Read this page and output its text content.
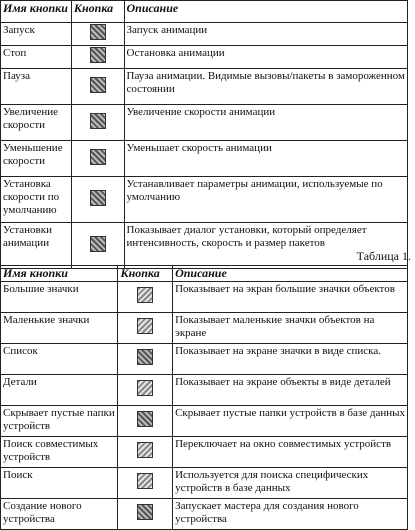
Имя кнопки	Кнопка	Описание
Запуск		Запуск анимации
Стоп		Остановка анимации
Пауза		Пауза анимации. Видимые вызовы/пакеты в замороженном состоянии
Увеличение скорости		Увеличение скорости анимации
Уменьшение скорости		Уменьшает скорость анимации
Установка скорости по умолчанию		Устанавливает параметры анимации, используемые по умолчанию
Установки анимации		Показывает диалог установки, который определяет интенсивность, скорость и размер пакетов
Таблица 1.
Имя кнопки	Кнопка	Описание
Большие значки		Показывает на экран большие значки объектов
Маленькие значки		Показывает маленькие значки объектов на экране
Список		Показывает на экране значки в виде списка.
Детали		Показывает на экране объекты в виде деталей
Скрывает пустые папки устройств		Скрывает пустые папки устройств в базе данных
Поиск совместимых устройств		Переключает на окно совместимых устройств
Поиск		Используется для поиска специфических устройств в базе данных
Создание нового устройства		Запускает мастера для создания нового устройства
